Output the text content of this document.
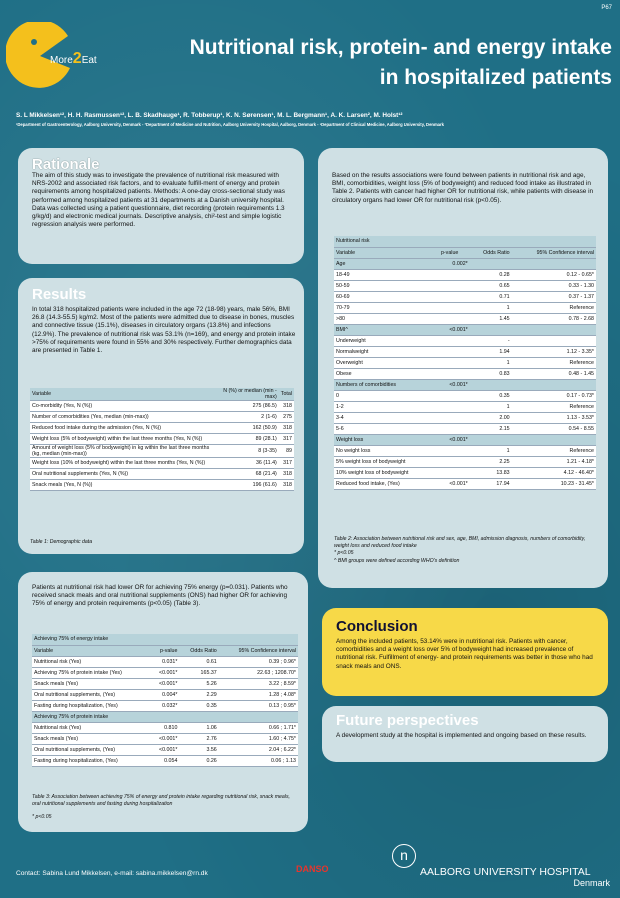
P67
More2Eat
Nutritional risk, protein- and energy intake
in hospitalized patients
S. L Mikkelsen¹², H. H. Rasmussen¹², L. B. Skadhauge¹, R. Tobberup¹, K. N. Sørensen¹, M. L. Bergmann¹, A. K. Larsen², M. Holst¹²
¹Department of Gastroenterology, Aalborg University, Denmark - ²Department of Medicine and Nutrition, Aalborg University Hospital, Aalborg, Denmark - ³Department of Clinical Medicine, Aalborg University, Denmark
Rationale
The aim of this study was to investigate the prevalence of nutritional risk measured with NRS-2002 and associated risk factors, and to evaluate fulfill-ment of energy and protein requirements among hospitalized patients. Methods: A one-day cross-sectional study was performed among hospitalized patients at 31 departments at a Danish university hospital. Data was collected using a patient questionnaire, diet recording (protein requirements 1.3 g/kg/d) and electronic medical journals. Descriptive analysis, chi²-test and simple logistic regression analysis were performed.
Results
In total 318 hospitalized patients were included in the age 72 (18-98) years, male 56%, BMI 26.8 (14.3-55.5) kg/m2. Most of the patients were admitted due to disease in bones, muscles and connective tissue (15.1%), diseases in circulatory organs (13.8%) and infections (12.9%). The prevalence of nutritional risk was 53.1% (n=169), and energy and protein intake >75% of requirements were found in 55% and 30% respectively. Further demographics data are presented in Table 1.
Variable	N (%) or median (min - max)	Total
Co-morbidity (Yes, N (%))	275 (86.5)	318
Number of comorbidities (Yes, median (min-max))	2 (1-6)	275
Reduced food intake during the admission (Yes, N (%))	162 (50.9)	318
Weight loss (5% of bodyweight) within the last three months (Yes, N (%))	89 (28.1)	317
Amount of weight loss (5% of bodyweight) in kg within the last three months (kg, median (min-max))	8 (3-35)	89
Weight loss (10% of bodyweight) within the last three months (Yes, N (%))	36 (11.4)	317
Oral nutritional supplements (Yes, N (%))	68 (21.4)	318
Snack meals (Yes, N (%))	196 (61.6)	318
Table 1: Demographic data
Based on the results associations were found between patients in nutritional risk and age, BMI, comorbidities, weight loss (5% of bodyweight) and reduced food intake as illustrated in Table 2. Patients with cancer had higher OR for nutritional risk, while patients with disease in circulatory organs had lower OR for nutritional risk (p<0.05).
Nutritional risk			
Variable	p-value	Odds Ratio	95% Confidence interval
Age	0.002*		
18-49		0.28	0.12 - 0.65*
50-59		0.65	0.33 - 1.30
60-69		0.71	0.37 - 1.37
70-79		1	Reference
>80		1.45	0.78 - 2.68
BMI^	<0.001*		
Underweight		-	
Normalweight		1.94	1.12 - 3.35*
Overweight		1	Reference
Obese		0.83	0.48 - 1.45
Numbers of comorbidities	<0.001*		
0		0.35	0.17 - 0.73*
1-2		1	Reference
3-4		2.00	1.13 - 3.53*
5-6		2.15	0.54 - 8.55
Weight loss	<0.001*		
No weight loss		1	Reference
5% weight loss of bodyweight		2.25	1.21 - 4.18*
10% weight loss of bodyweight		13.83	4.12 - 46.40*
Reduced food intake, (Yes)	<0.001*	17.94	10.23 - 31.45*
Table 2: Association between nutritional risk and sex, age, BMI, admission diagnosis, numbers of comorbidity, weight loss and reduced food intake
* p<0.05
^ BMI groups were defined according WHO's definition
Patients at nutritional risk had lower OR for achieving 75% energy (p=0.031). Patients who received snack meals and oral nutritional supplements (ONS) had higher OR for achieving 75% of energy and protein requirements (p<0.05) (Table 3).
Achieving 75% of energy intake			
Variable	p-value	Odds Ratio	95% Confidence interval
Nutritional risk (Yes)	0.031*	0.61	0.39 ; 0.96*
Achieving 75% of protein intake (Yes)	<0.001*	165.37	22.63 ; 1208.70*
Snack meals (Yes)	<0.001*	5.26	3.22 ; 8.59*
Oral nutritional supplements, (Yes)	0.004*	2.29	1.28 ; 4.08*
Fasting during hospitalization, (Yes)	0.032*	0.35	0.13 ; 0.95*
Achieving 75% of protein intake			
Nutritional risk (Yes)	0.810	1.06	0.66 ; 1.71*
Snack meals (Yes)	<0.001*	2.76	1.60 ; 4.75*
Oral nutritional supplements, (Yes)	<0.001*	3.56	2.04 ; 6.22*
Fasting during hospitalization, (Yes)	0.054	0.26	0.06 ; 1.13
Table 3: Association between achieving 75% of energy and protein intake regarding nutritional risk, snack meals, oral nutritional supplements and fasting during hospitalization
* p<0.05
Conclusion
Among the included patients, 53.14% were in nutritional risk. Patients with cancer, comorbidities and a weight loss over 5% of bodyweight had increased prevalence of nutritional risk. Fulfillment of energy- and protein requirements was better in those who had snack meals and ONS.
Future perspectives
A development study at the hospital is implemented and ongoing based on these results.
Contact: Sabina Lund Mikkelsen, e-mail: sabina.mikkelsen@rn.dk	DANSO
n
AALBORG UNIVERSITY HOSPITAL
Denmark
